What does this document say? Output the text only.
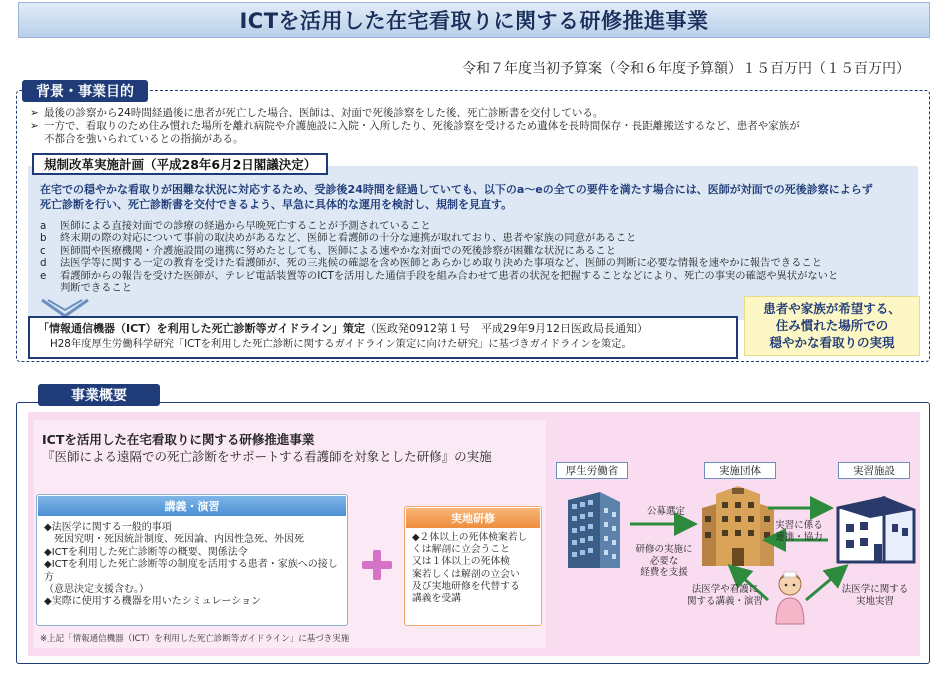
ICTを活用した在宅看取りに関する研修推進事業
令和７年度当初予算案（令和６年度予算額）１５百万円（１５百万円）
背景・事業目的
➢ 最後の診察から24時間経過後に患者が死亡した場合、医師は、対面で死後診察をした後、死亡診断書を交付している。
➢ 一方で、看取りのため住み慣れた場所を離れ病院や介護施設に入院・入所したり、死後診察を受けるため遺体を長時間保存・長距離搬送するなど、患者や家族が
不都合を強いられているとの指摘がある。
規制改革実施計画（平成28年6月2日閣議決定）
在宅での穏やかな看取りが困難な状況に対応するため、受診後24時間を経過していても、以下のa～eの全ての要件を満たす場合には、医師が対面での死後診察によらず
死亡診断を行い、死亡診断書を交付できるよう、早急に具体的な運用を検討し、規制を見直す。
a	医師による直接対面での診療の経過から早晩死亡することが予測されていること
b	終末期の際の対応について事前の取決めがあるなど、医師と看護師の十分な連携が取れており、患者や家族の同意があること
c	医師間や医療機関・介護施設間の連携に努めたとしても、医師による速やかな対面での死後診察が困難な状況にあること
d	法医学等に関する一定の教育を受けた看護師が、死の三兆候の確認を含め医師とあらかじめ取り決めた事項など、医師の判断に必要な情報を速やかに報告できること
e	看護師からの報告を受けた医師が、テレビ電話装置等のICTを活用した通信手段を組み合わせて患者の状況を把握することなどにより、死亡の事実の確認や異状がないと
判断できること
「情報通信機器（ICT）を利用した死亡診断等ガイドライン」策定（医政発0912第１号　平成29年9月12日医政局長通知）
H28年度厚生労働科学研究「ICTを利用した死亡診断に関するガイドライン策定に向けた研究」に基づきガイドラインを策定。
患者や家族が希望する、
住み慣れた場所での
穏やかな看取りの実現
事業概要
ICTを活用した在宅看取りに関する研修推進事業
『医師による遠隔での死亡診断をサポートする看護師を対象とした研修』の実施
講義・演習
◆法医学に関する一般的事項
　死因究明・死因統計制度、死因論、内因性急死、外因死
◆ICTを利用した死亡診断等の概要、関係法令
◆ICTを利用した死亡診断等の制度を活用する患者・家族への接し方
（意思決定支援含む。）
◆実際に使用する機器を用いたシミュレーション
実地研修
◆２体以上の死体検案若し
くは解剖に立会うこと
又は１体以上の死体検
案若しくは解剖の立会い
及び実地研修を代替する
講義を受講
※上記「情報通信機器（ICT）を利用した死亡診断等ガイドライン」に基づき実施
厚生労働省	実施団体	実習施設
公募選定
研修の実施に
必要な
経費を支援
実習に係る
連携・協力
法医学や看護に
関する講義・演習
法医学に関する
実地実習
